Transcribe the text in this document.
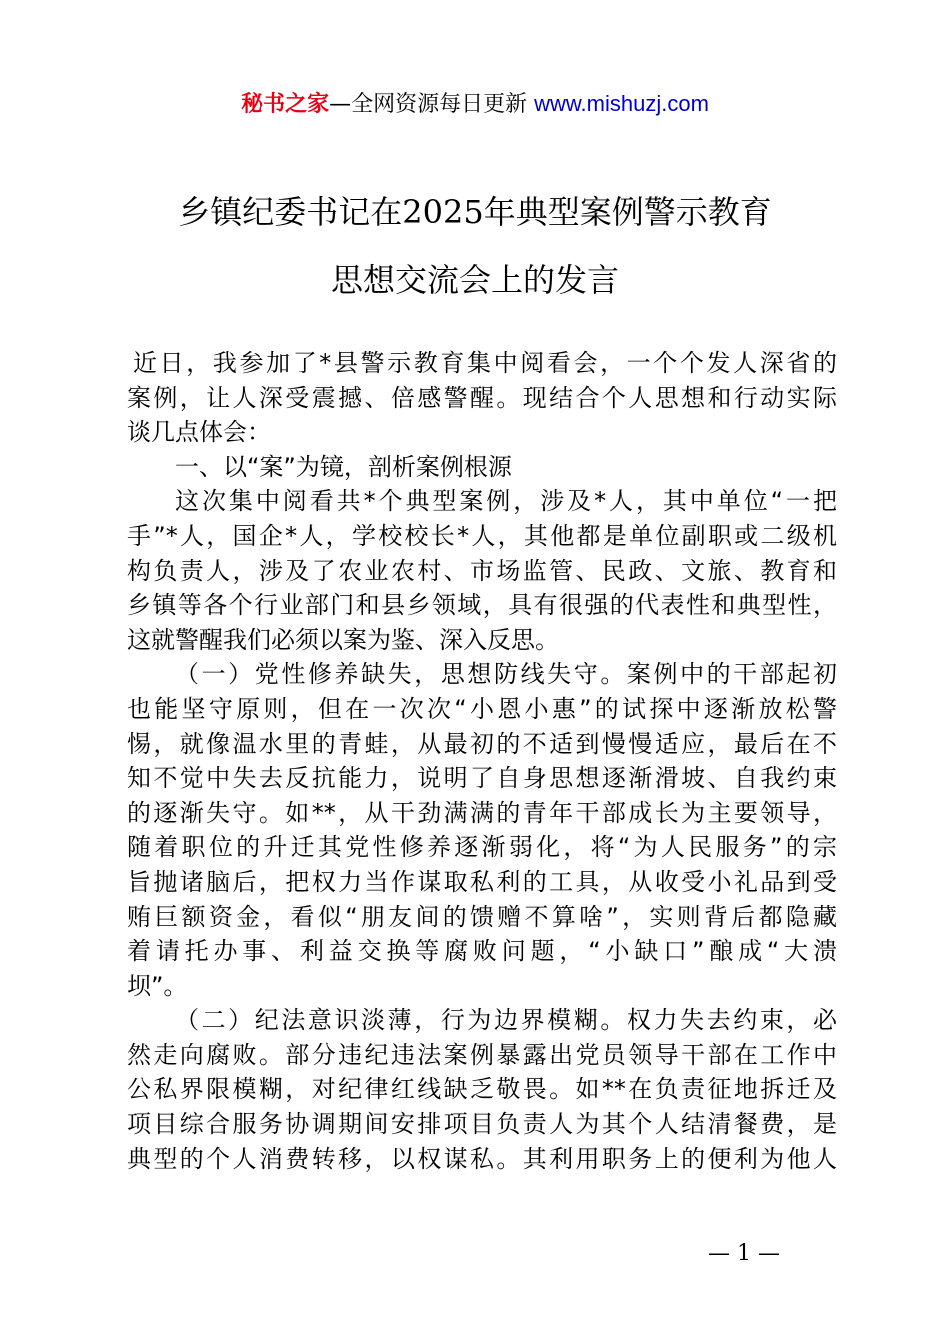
秘书之家—全网资源每日更新 www.mishuzj.com
乡镇纪委书记在2025年典型案例警示教育
思想交流会上的发言
近日，我参加了*县警示教育集中阅看会，一个个发人深省的
案例，让人深受震撼、倍感警醒。现结合个人思想和行动实际
谈几点体会：
一、以“案”为镜，剖析案例根源
这次集中阅看共*个典型案例，涉及*人，其中单位“一把
手”*人，国企*人，学校校长*人，其他都是单位副职或二级机
构负责人，涉及了农业农村、市场监管、民政、文旅、教育和
乡镇等各个行业部门和县乡领域，具有很强的代表性和典型性，
这就警醒我们必须以案为鉴、深入反思。
（一）党性修养缺失，思想防线失守。案例中的干部起初
也能坚守原则，但在一次次“小恩小惠”的试探中逐渐放松警
惕，就像温水里的青蛙，从最初的不适到慢慢适应，最后在不
知不觉中失去反抗能力，说明了自身思想逐渐滑坡、自我约束
的逐渐失守。如**，从干劲满满的青年干部成长为主要领导，
随着职位的升迁其党性修养逐渐弱化，将“为人民服务”的宗
旨抛诸脑后，把权力当作谋取私利的工具，从收受小礼品到受
贿巨额资金，看似“朋友间的馈赠不算啥”，实则背后都隐藏
着请托办事、利益交换等腐败问题，“小缺口”酿成“大溃
坝”。
（二）纪法意识淡薄，行为边界模糊。权力失去约束，必
然走向腐败。部分违纪违法案例暴露出党员领导干部在工作中
公私界限模糊，对纪律红线缺乏敬畏。如**在负责征地拆迁及
项目综合服务协调期间安排项目负责人为其个人结清餐费，是
典型的个人消费转移，以权谋私。其利用职务上的便利为他人
— 1 —
